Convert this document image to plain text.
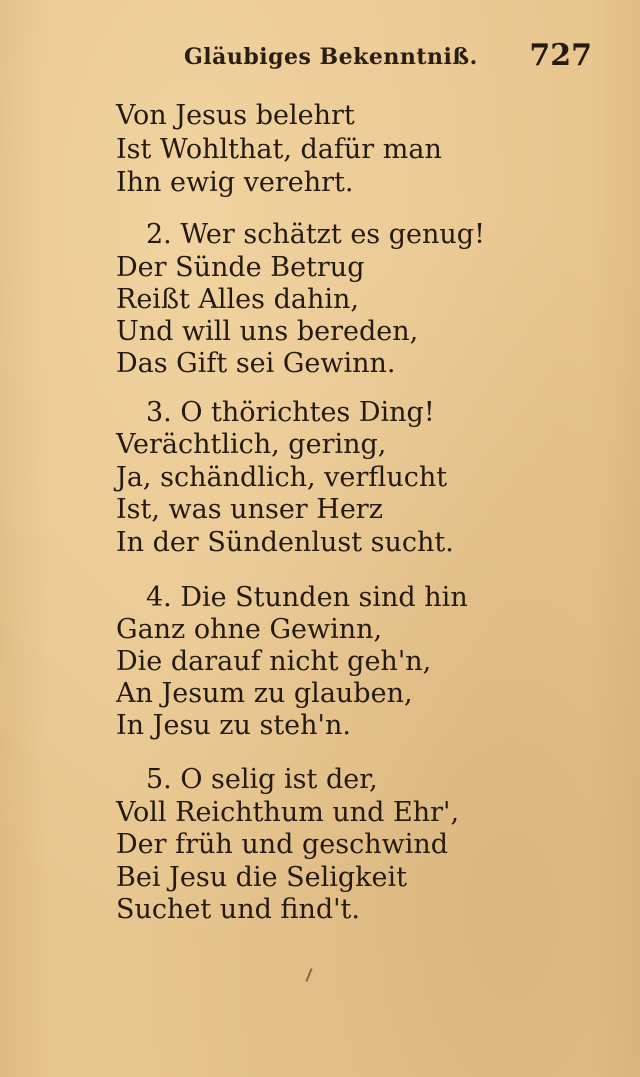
Gläubiges Bekenntniß. 727
Von Jesus belehrt
Ist Wohlthat, dafür man
Ihn ewig verehrt.
2. Wer schätzt es genug!
Der Sünde Betrug
Reißt Alles dahin,
Und will uns bereden,
Das Gift sei Gewinn.
3. O thörichtes Ding!
Verächtlich, gering,
Ja, schändlich, verflucht
Ist, was unser Herz
In der Sündenlust sucht.
4. Die Stunden sind hin
Ganz ohne Gewinn,
Die darauf nicht geh'n,
An Jesum zu glauben,
In Jesu zu steh'n.
5. O selig ist der,
Voll Reichthum und Ehr',
Der früh und geschwind
Bei Jesu die Seligkeit
Suchet und find't.
